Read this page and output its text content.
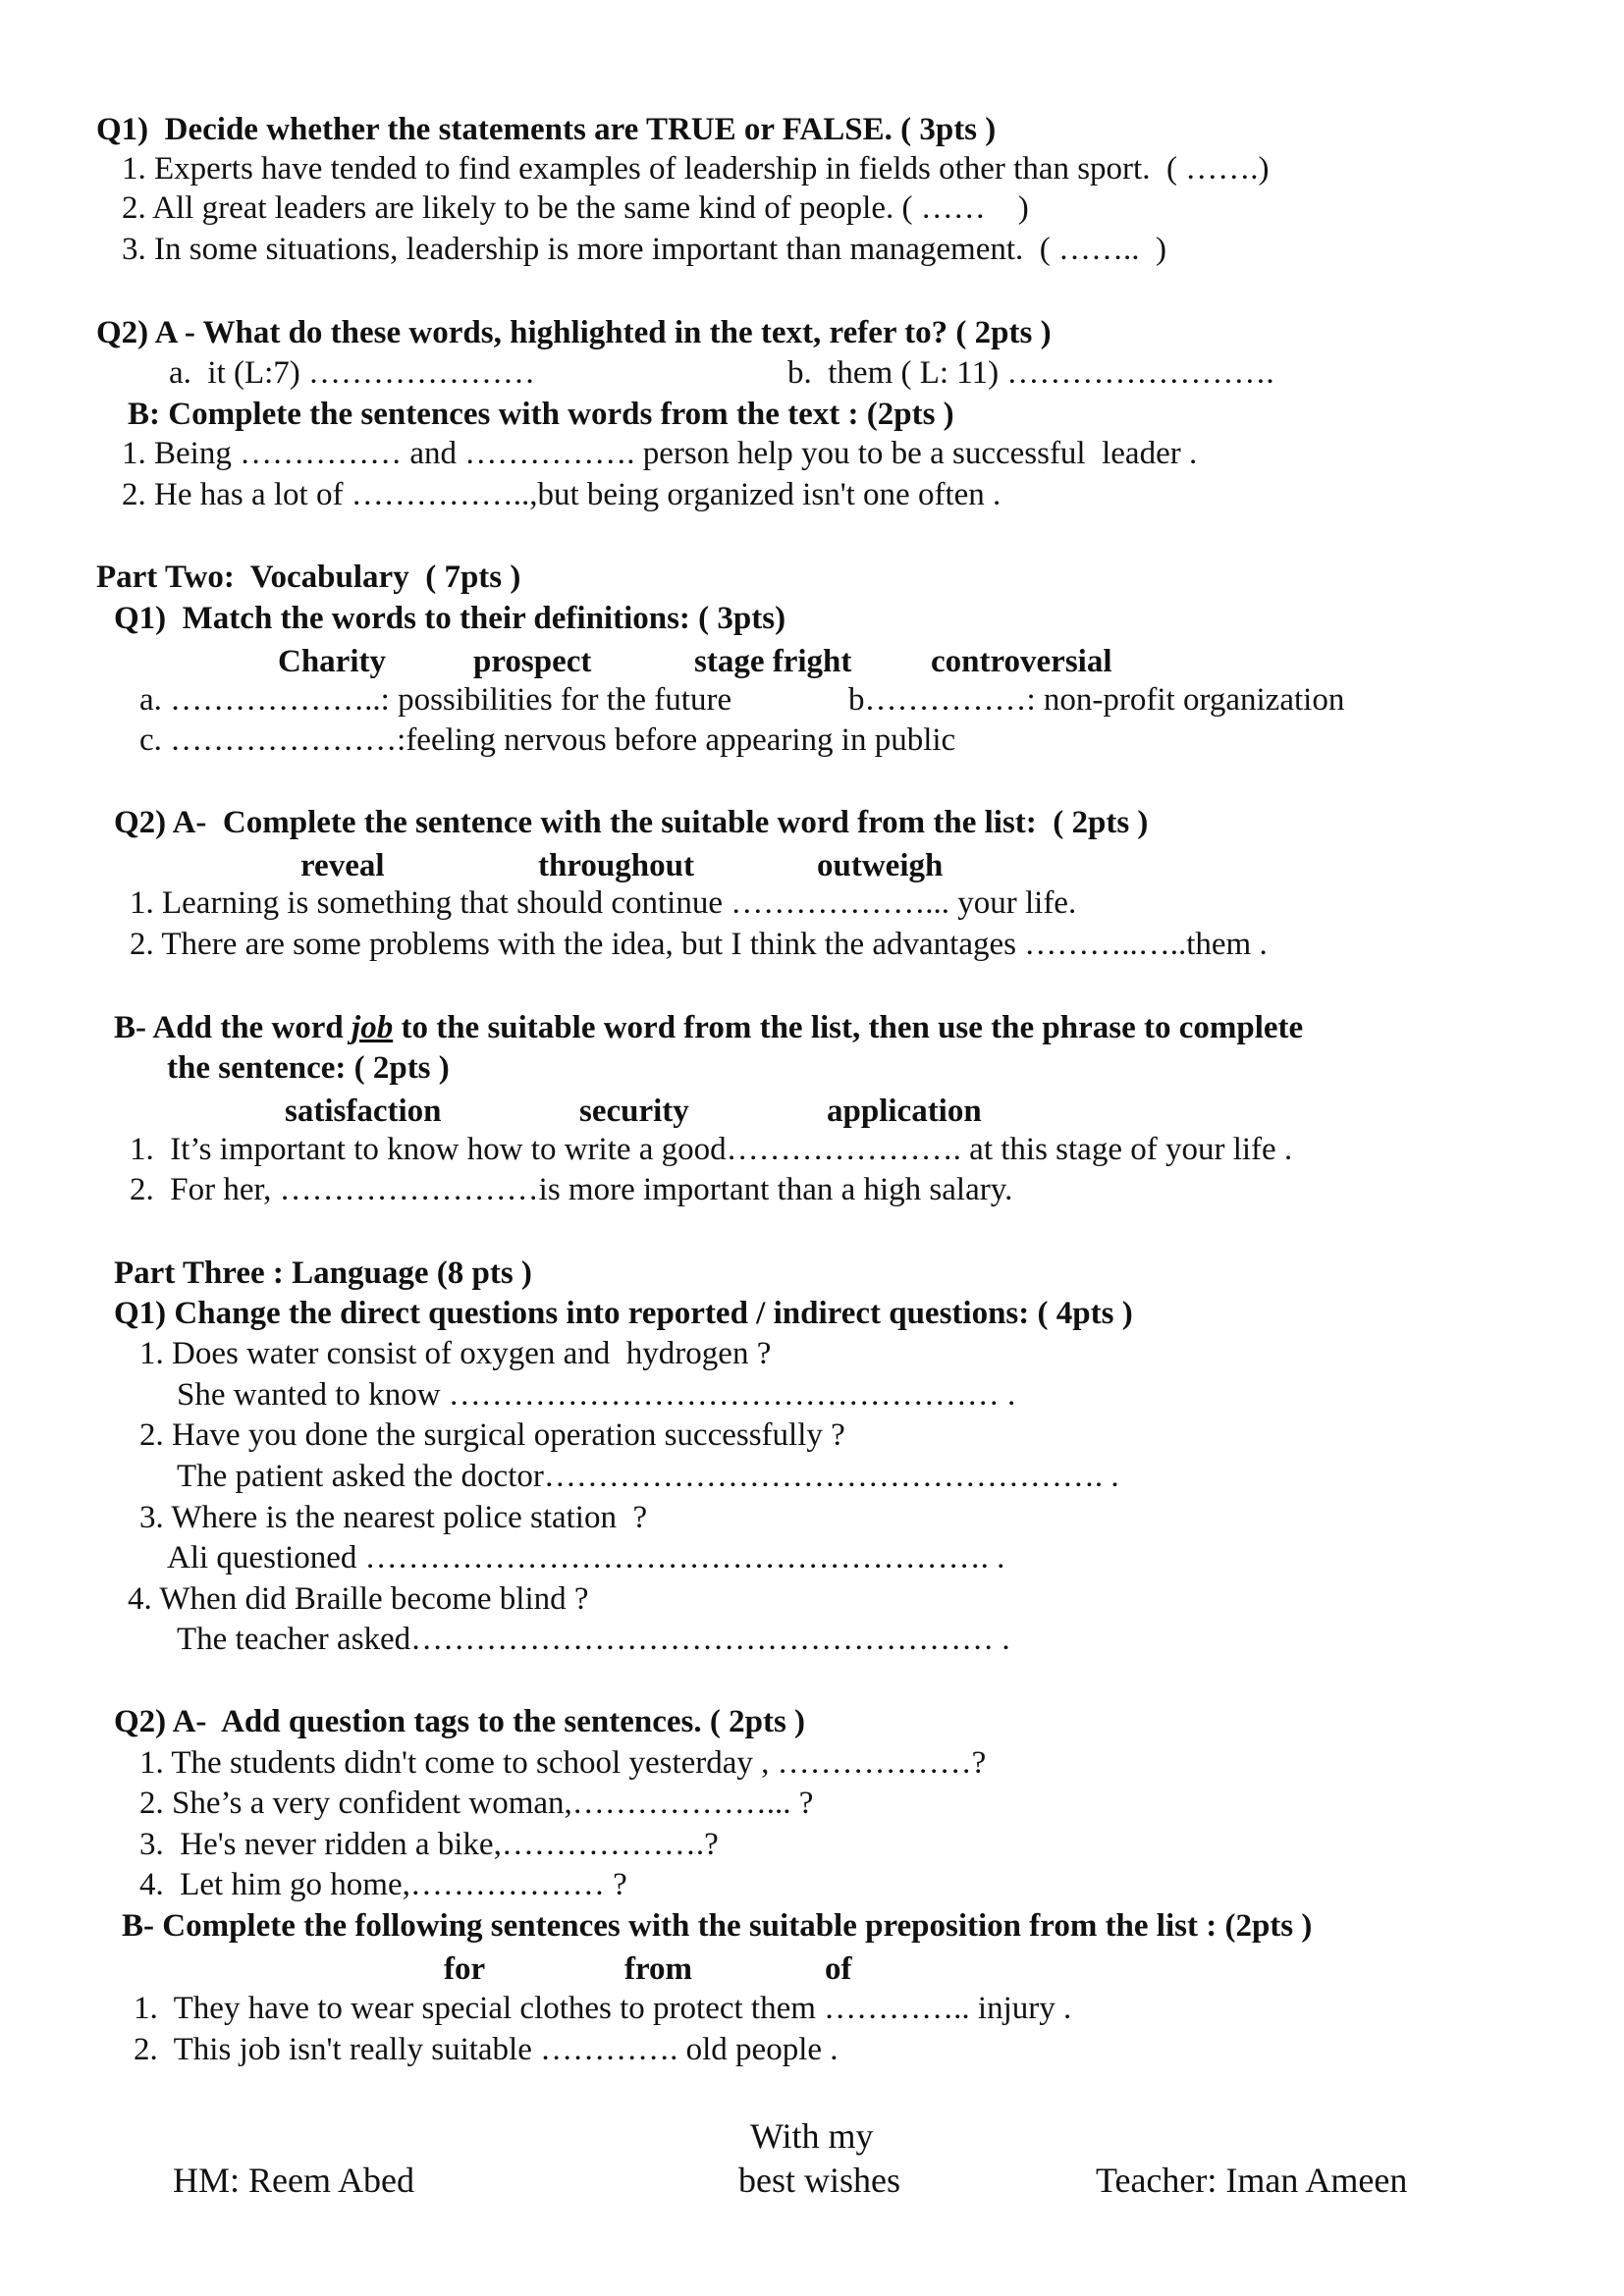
Q1)  Decide whether the statements are TRUE or FALSE. ( 3pts )
1. Experts have tended to find examples of leadership in fields other than sport.  ( …….)
2. All great leaders are likely to be the same kind of people. ( ……    )
3. In some situations, leadership is more important than management.  ( ……..  )
Q2) A - What do these words, highlighted in the text, refer to? ( 2pts )
a.  it (L:7) …………………	b.  them ( L: 11) …………………….
B: Complete the sentences with words from the text : (2pts )
1. Being …………… and ……………. person help you to be a successful  leader .
2. He has a lot of ……………..,but being organized isn't one often .
Part Two:  Vocabulary  ( 7pts )
Q1)  Match the words to their definitions: ( 3pts)
Charity	prospect	stage fright controversial
a. ………………..: possibilities for the future	b……………: non-profit organization
c. …………………:feeling nervous before appearing in public
Q2) A-  Complete the sentence with the suitable word from the list:  ( 2pts )
reveal	throughout	outweigh
1. Learning is something that should continue ………………... your life.
2. There are some problems with the idea, but I think the advantages ………..…..them .
B- Add the word job to the suitable word from the list, then use the phrase to complete
the sentence: ( 2pts )
satisfaction	security	application
1.  It’s important to know how to write a good…………………. at this stage of your life .
2.  For her, ……………………is more important than a high salary.
Part Three : Language (8 pts )
Q1) Change the direct questions into reported / indirect questions: ( 4pts )
1. Does water consist of oxygen and  hydrogen ?
She wanted to know …………………………………………… .
2. Have you done the surgical operation successfully ?
The patient asked the doctor……………………………………………. .
3. Where is the nearest police station  ?
Ali questioned …………………………………………………. .
4. When did Braille become blind ?
The teacher asked……………………………………………… .
Q2) A-  Add question tags to the sentences. ( 2pts )
1. The students didn't come to school yesterday , ………………?
2. She’s a very confident woman,………………... ?
3.  He's never ridden a bike,……………….?
4.  Let him go home,……………… ?
B- Complete the following sentences with the suitable preposition from the list : (2pts )
for	from	of
1.  They have to wear special clothes to protect them ………….. injury .
2.  This job isn't really suitable …………. old people .
HM: Reem Abed
With my
best wishes	Teacher: Iman Ameen
